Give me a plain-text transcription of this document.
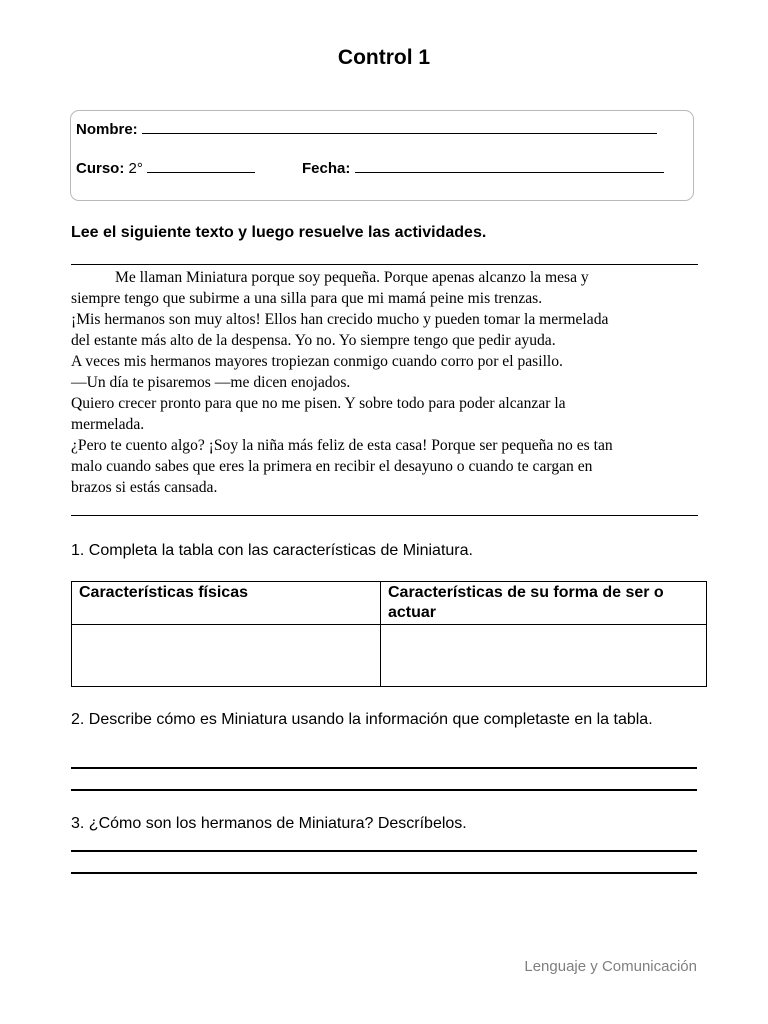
Control 1
Nombre:
Curso: 2°	Fecha:
Lee el siguiente texto y luego resuelve las actividades.
Me llaman Miniatura porque soy pequeña. Porque apenas alcanzo la mesa y
siempre tengo que subirme a una silla para que mi mamá peine mis trenzas.
¡Mis hermanos son muy altos! Ellos han crecido mucho y pueden tomar la mermelada
del estante más alto de la despensa. Yo no. Yo siempre tengo que pedir ayuda.
A veces mis hermanos mayores tropiezan conmigo cuando corro por el pasillo.
—Un día te pisaremos —me dicen enojados.
Quiero crecer pronto para que no me pisen. Y sobre todo para poder alcanzar la
mermelada.
¿Pero te cuento algo? ¡Soy la niña más feliz de esta casa! Porque ser pequeña no es tan
malo cuando sabes que eres la primera en recibir el desayuno o cuando te cargan en
brazos si estás cansada.
1. Completa la tabla con las características de Miniatura.
Características físicas	Características de su forma de ser o actuar

2. Describe cómo es Miniatura usando la información que completaste en la tabla.
3. ¿Cómo son los hermanos de Miniatura? Descríbelos.
Lenguaje y Comunicación
